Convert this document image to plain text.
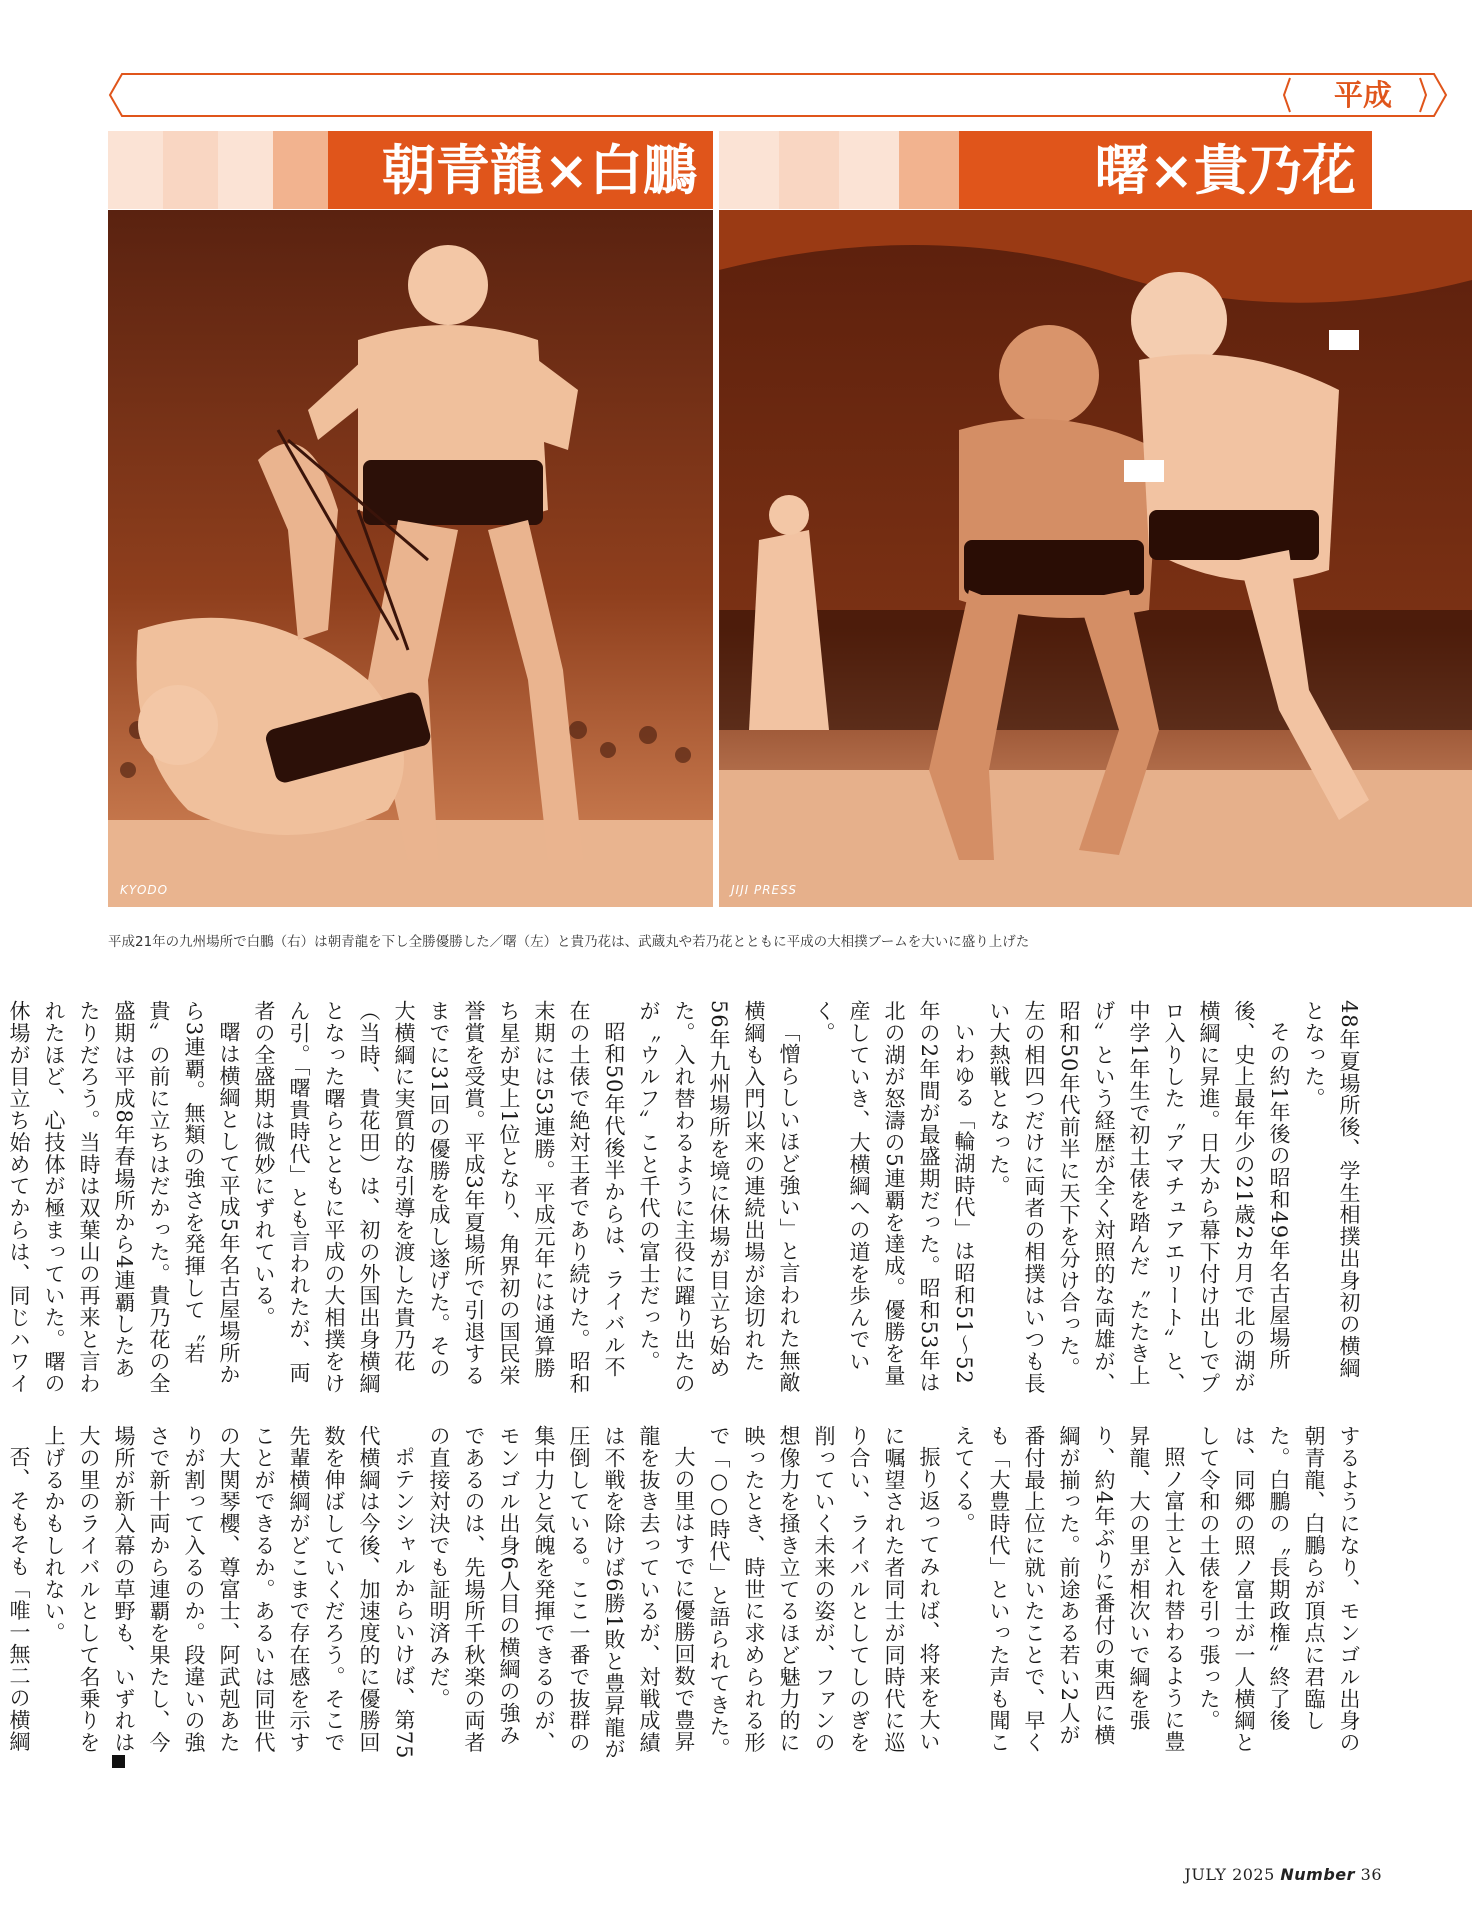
平成
朝青龍×白鵬	曙×貴乃花
KYODO	JIJI PRESS
平成21年の九州場所で白鵬（右）は朝青龍を下し全勝優勝した／曙（左）と貴乃花は、武蔵丸や若乃花とともに平成の大相撲ブームを大いに盛り上げた

48年夏場所後、学生相撲出身初の横綱となった。

その約1年後の昭和49年名古屋場所後、史上最年少の21歳2カ月で北の湖が横綱に昇進。日大から幕下付け出しでプロ入りした〝アマチュアエリート〟と、中学1年生で初土俵を踏んだ〝たたき上げ〟という経歴が全く対照的な両雄が、昭和50年代前半に天下を分け合った。左の相四つだけに両者の相撲はいつも長い大熱戦となった。

いわゆる「輪湖時代」は昭和51～52年の2年間が最盛期だった。昭和53年は北の湖が怒濤の5連覇を達成。優勝を量産していき、大横綱への道を歩んでいく。

「憎らしいほど強い」と言われた無敵横綱も入門以来の連続出場が途切れた56年九州場所を境に休場が目立ち始めた。入れ替わるように主役に躍り出たのが〝ウルフ〟こと千代の富士だった。

昭和50年代後半からは、ライバル不在の土俵で絶対王者であり続けた。昭和末期には53連勝。平成元年には通算勝ち星が史上1位となり、角界初の国民栄誉賞を受賞。平成3年夏場所で引退するまでに31回の優勝を成し遂げた。その大横綱に実質的な引導を渡した貴乃花（当時、貴花田）は、初の外国出身横綱となった曙らとともに平成の大相撲をけん引。「曙貴時代」とも言われたが、両者の全盛期は微妙にずれている。

曙は横綱として平成5年名古屋場所から3連覇。無類の強さを発揮して〝若貴〟の前に立ちはだかった。貴乃花の全盛期は平成8年春場所から4連覇したあたりだろう。当時は双葉山の再来と言われたほど、心技体が極まっていた。曙の休場が目立ち始めてからは、同じハワイ

するようになり、モンゴル出身の朝青龍、白鵬らが頂点に君臨した。白鵬の〝長期政権〟終了後は、同郷の照ノ富士が一人横綱として令和の土俵を引っ張った。

照ノ富士と入れ替わるように豊昇龍、大の里が相次いで綱を張り、約4年ぶりに番付の東西に横綱が揃った。前途ある若い2人が番付最上位に就いたことで、早くも「大豊時代」といった声も聞こえてくる。

振り返ってみれば、将来を大いに嘱望された者同士が同時代に巡り合い、ライバルとしてしのぎを削っていく未来の姿が、ファンの想像力を掻き立てるほど魅力的に映ったとき、時世に求められる形で「○○時代」と語られてきた。

大の里はすでに優勝回数で豊昇龍を抜き去っているが、対戦成績は不戦を除けば6勝1敗と豊昇龍が圧倒している。ここ一番で抜群の集中力と気魄を発揮できるのが、モンゴル出身6人目の横綱の強みであるのは、先場所千秋楽の両者の直接対決でも証明済みだ。

ポテンシャルからいけば、第75代横綱は今後、加速度的に優勝回数を伸ばしていくだろう。そこで先輩横綱がどこまで存在感を示すことができるか。あるいは同世代の大関琴櫻、尊富士、阿武剋あたりが割って入るのか。段違いの強さで新十両から連覇を果たし、今場所が新入幕の草野も、いずれは大の里のライバルとして名乗りを上げるかもしれない。

否、そもそも「唯一無二の横綱

JULY 2025 Number 36
